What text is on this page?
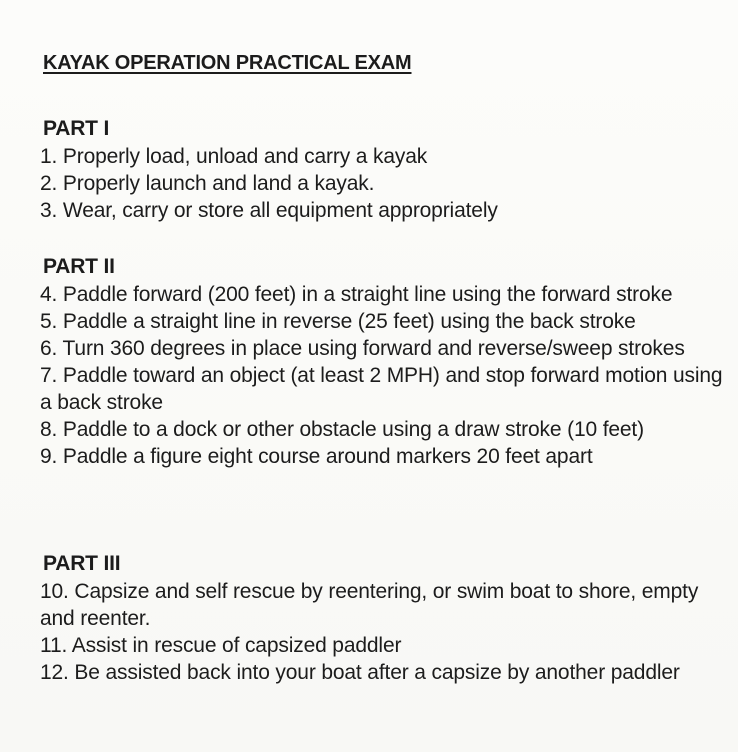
KAYAK OPERATION PRACTICAL EXAM
PART I
1. Properly load, unload and carry a kayak
2. Properly launch and land a kayak.
3. Wear, carry or store all equipment appropriately
PART II
4. Paddle forward (200 feet) in a straight line using the forward stroke
5. Paddle a straight line in reverse (25 feet) using the back stroke
6. Turn 360 degrees in place using forward and reverse/sweep strokes
7. Paddle toward an object (at least 2 MPH) and stop forward motion using a back stroke
8. Paddle to a dock or other obstacle using a draw stroke (10 feet)
9. Paddle a figure eight course around markers 20 feet apart
PART III
10. Capsize and self rescue by reentering, or swim boat to shore, empty and reenter.
11. Assist in rescue of capsized paddler
12. Be assisted back into your boat after a capsize by another paddler
